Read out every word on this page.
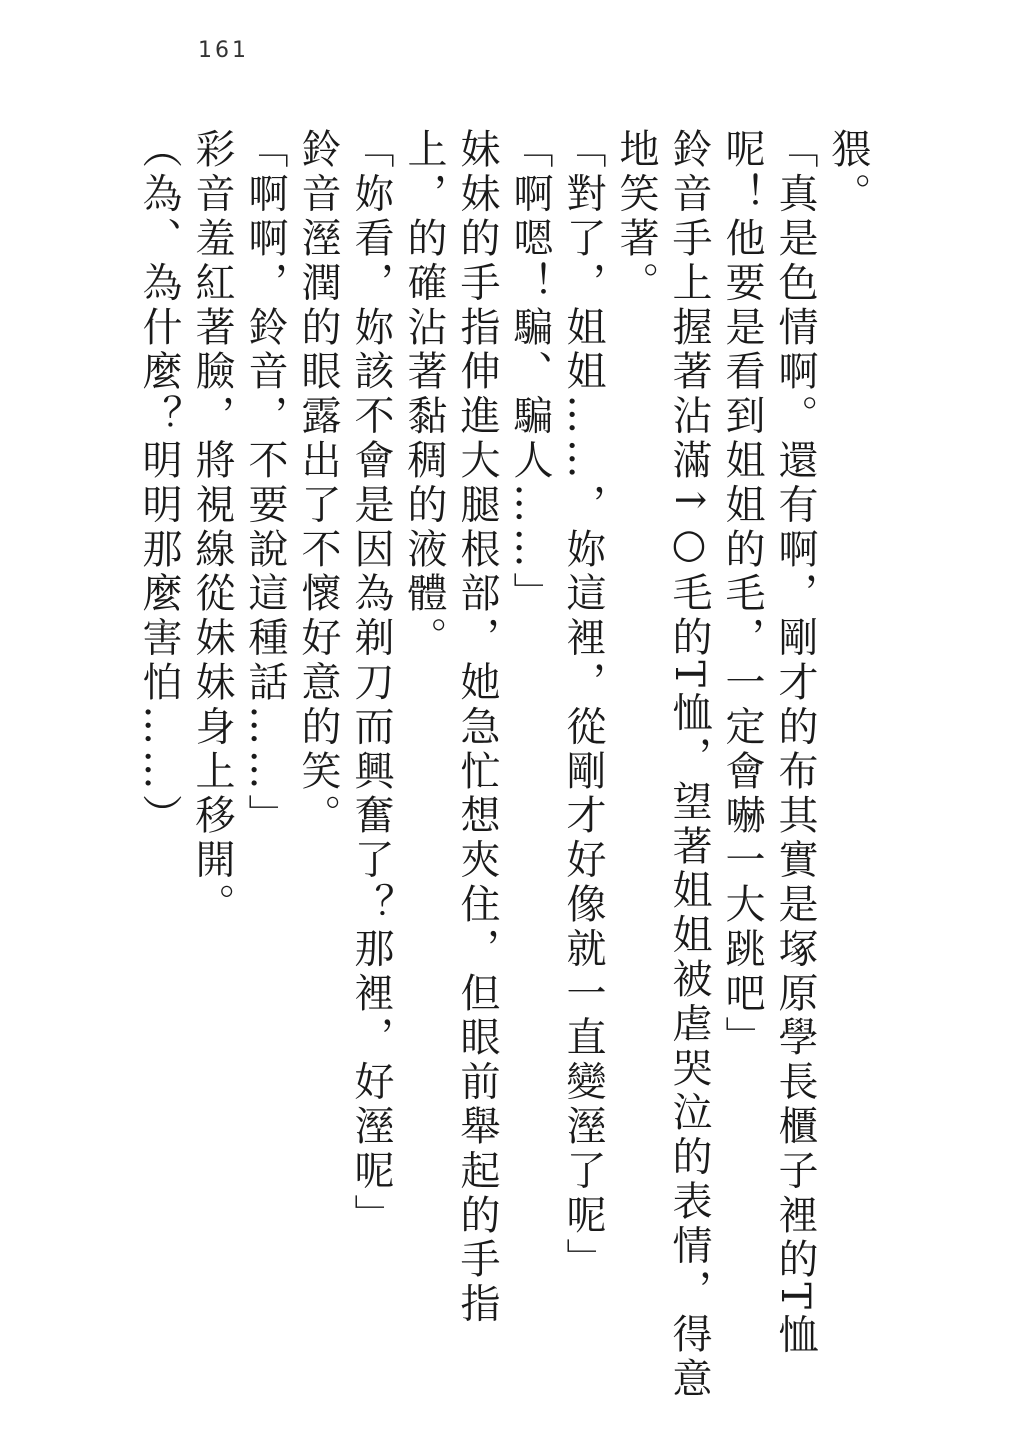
161

猥。

「真是色情啊。還有啊，剛才的布其實是塚原學長櫃子裡的T恤

呢！他要是看到姐姐的毛，一定會嚇一大跳吧」

鈴音手上握著沾滿↑○毛的T恤，望著姐姐被虐哭泣的表情，得意

地笑著。

「對了，姐姐……，妳這裡，從剛才好像就一直變溼了呢」

「啊嗯！騙、騙人……」

妹妹的手指伸進大腿根部，她急忙想夾住，但眼前舉起的手指

上，的確沾著黏稠的液體。

「妳看，妳該不會是因為剃刀而興奮了？那裡，好溼呢」

鈴音溼潤的眼露出了不懷好意的笑。

「啊啊，鈴音，不要說這種話……」

彩音羞紅著臉，將視線從妹妹身上移開。

（為、為什麼？明明那麼害怕……）
